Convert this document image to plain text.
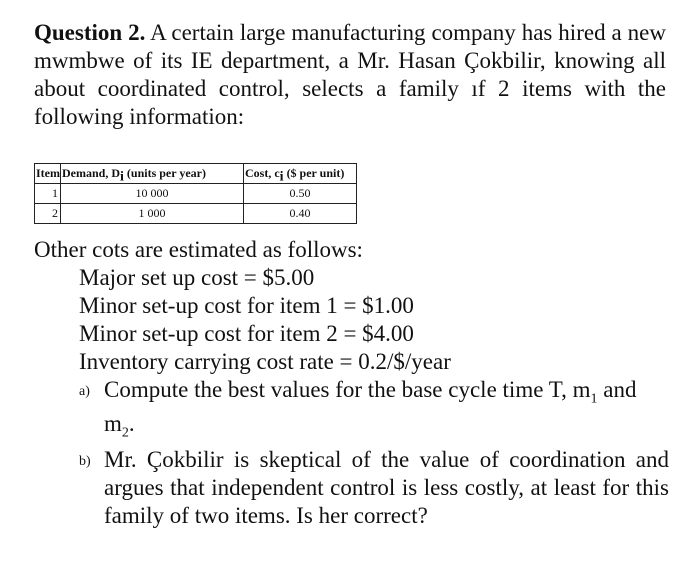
Question 2. A certain large manufacturing company has hired a new mwmbwe of its IE department, a Mr. Hasan Çokbilir, knowing all about coordinated control, selects a family ıf 2 items with the following information:
Item	Demand, $D_i$ (units per year)	Cost, $c_i$ ($ per unit)
1	10 000	0.50
2	1 000	0.40
Other cots are estimated as follows:
Major set up cost = $5.00
Minor set-up cost for item 1 = $1.00
Minor set-up cost for item 2 = $4.00
Inventory carrying cost rate = 0.2/$/year
a) Compute the best values for the base cycle time T, $m_1$ and
$m_2$.
b) Mr. Çokbilir is skeptical of the value of coordination and argues that independent control is less costly, at least for this family of two items. Is her correct?
